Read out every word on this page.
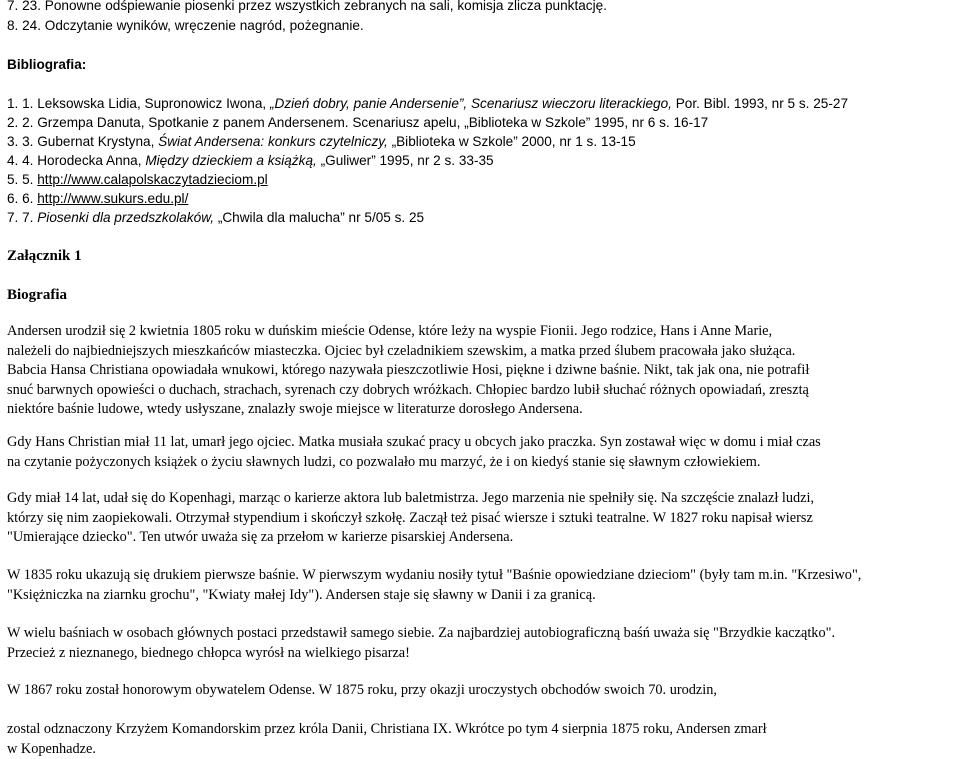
7. 23. Ponowne odśpiewanie piosenki przez wszystkich zebranych na sali, komisja zlicza punktację.
8. 24. Odczytanie wyników, wręczenie nagród, pożegnanie.
Bibliografia:
1. 1. Leksowska Lidia, Supronowicz Iwona, „Dzień dobry, panie Andersenie”, Scenariusz wieczoru literackiego, Por. Bibl. 1993, nr 5 s. 25-27
2. 2. Grzempa Danuta, Spotkanie z panem Andersenem. Scenariusz apelu, „Biblioteka w Szkole” 1995, nr 6 s. 16-17
3. 3. Gubernat Krystyna, Świat Andersena: konkurs czytelniczy, „Biblioteka w Szkole” 2000, nr 1 s. 13-15
4. 4. Horodecka Anna, Między dzieckiem a książką, „Guliwer” 1995, nr 2 s. 33-35
5. 5. http://www.calapolskaczytadzieciom.pl
6. 6. http://www.sukurs.edu.pl/
7. 7. Piosenki dla przedszkolaków, „Chwila dla malucha” nr 5/05 s. 25
Załącznik 1
Biografia
Andersen urodził się 2 kwietnia 1805 roku w duńskim mieście Odense, które leży na wyspie Fionii. Jego rodzice, Hans i Anne Marie,
należeli do najbiedniejszych mieszkańców miasteczka. Ojciec był czeladnikiem szewskim, a matka przed ślubem pracowała jako służąca.
Babcia Hansa Christiana opowiadała wnukowi, którego nazywała pieszczotliwie Hosi, piękne i dziwne baśnie. Nikt, tak jak ona, nie potrafił
snuć barwnych opowieści o duchach, strachach, syrenach czy dobrych wróżkach. Chłopiec bardzo lubił słuchać różnych opowiadań, zresztą
niektóre baśnie ludowe, wtedy usłyszane, znalazły swoje miejsce w literaturze dorosłego Andersena.
Gdy Hans Christian miał 11 lat, umarł jego ojciec. Matka musiała szukać pracy u obcych jako praczka. Syn zostawał więc w domu i miał czas
na czytanie pożyczonych książek o życiu sławnych ludzi, co pozwalało mu marzyć, że i on kiedyś stanie się sławnym człowiekiem.
Gdy miał 14 lat, udał się do Kopenhagi, marząc o karierze aktora lub baletmistrza. Jego marzenia nie spełniły się. Na szczęście znalazł ludzi,
którzy się nim zaopiekowali. Otrzymał stypendium i skończył szkołę. Zaczął też pisać wiersze i sztuki teatralne. W 1827 roku napisał wiersz
"Umierające dziecko". Ten utwór uważa się za przełom w karierze pisarskiej Andersena.
W 1835 roku ukazują się drukiem pierwsze baśnie. W pierwszym wydaniu nosiły tytuł "Baśnie opowiedziane dzieciom" (były tam m.in. "Krzesiwo",
"Księżniczka na ziarnku grochu", "Kwiaty małej Idy"). Andersen staje się sławny w Danii i za granicą.
W wielu baśniach w osobach głównych postaci przedstawił samego siebie. Za najbardziej autobiograficzną baśń uważa się "Brzydkie kaczątko".
Przecież z nieznanego, biednego chłopca wyrósł na wielkiego pisarza!
W 1867 roku został honorowym obywatelem Odense. W 1875 roku, przy okazji uroczystych obchodów swoich 70. urodzin,
zostal odznaczony Krzyżem Komandorskim przez króla Danii, Christiana IX. Wkrótce po tym 4 sierpnia 1875 roku, Andersen zmarł
w Kopenhadze.
